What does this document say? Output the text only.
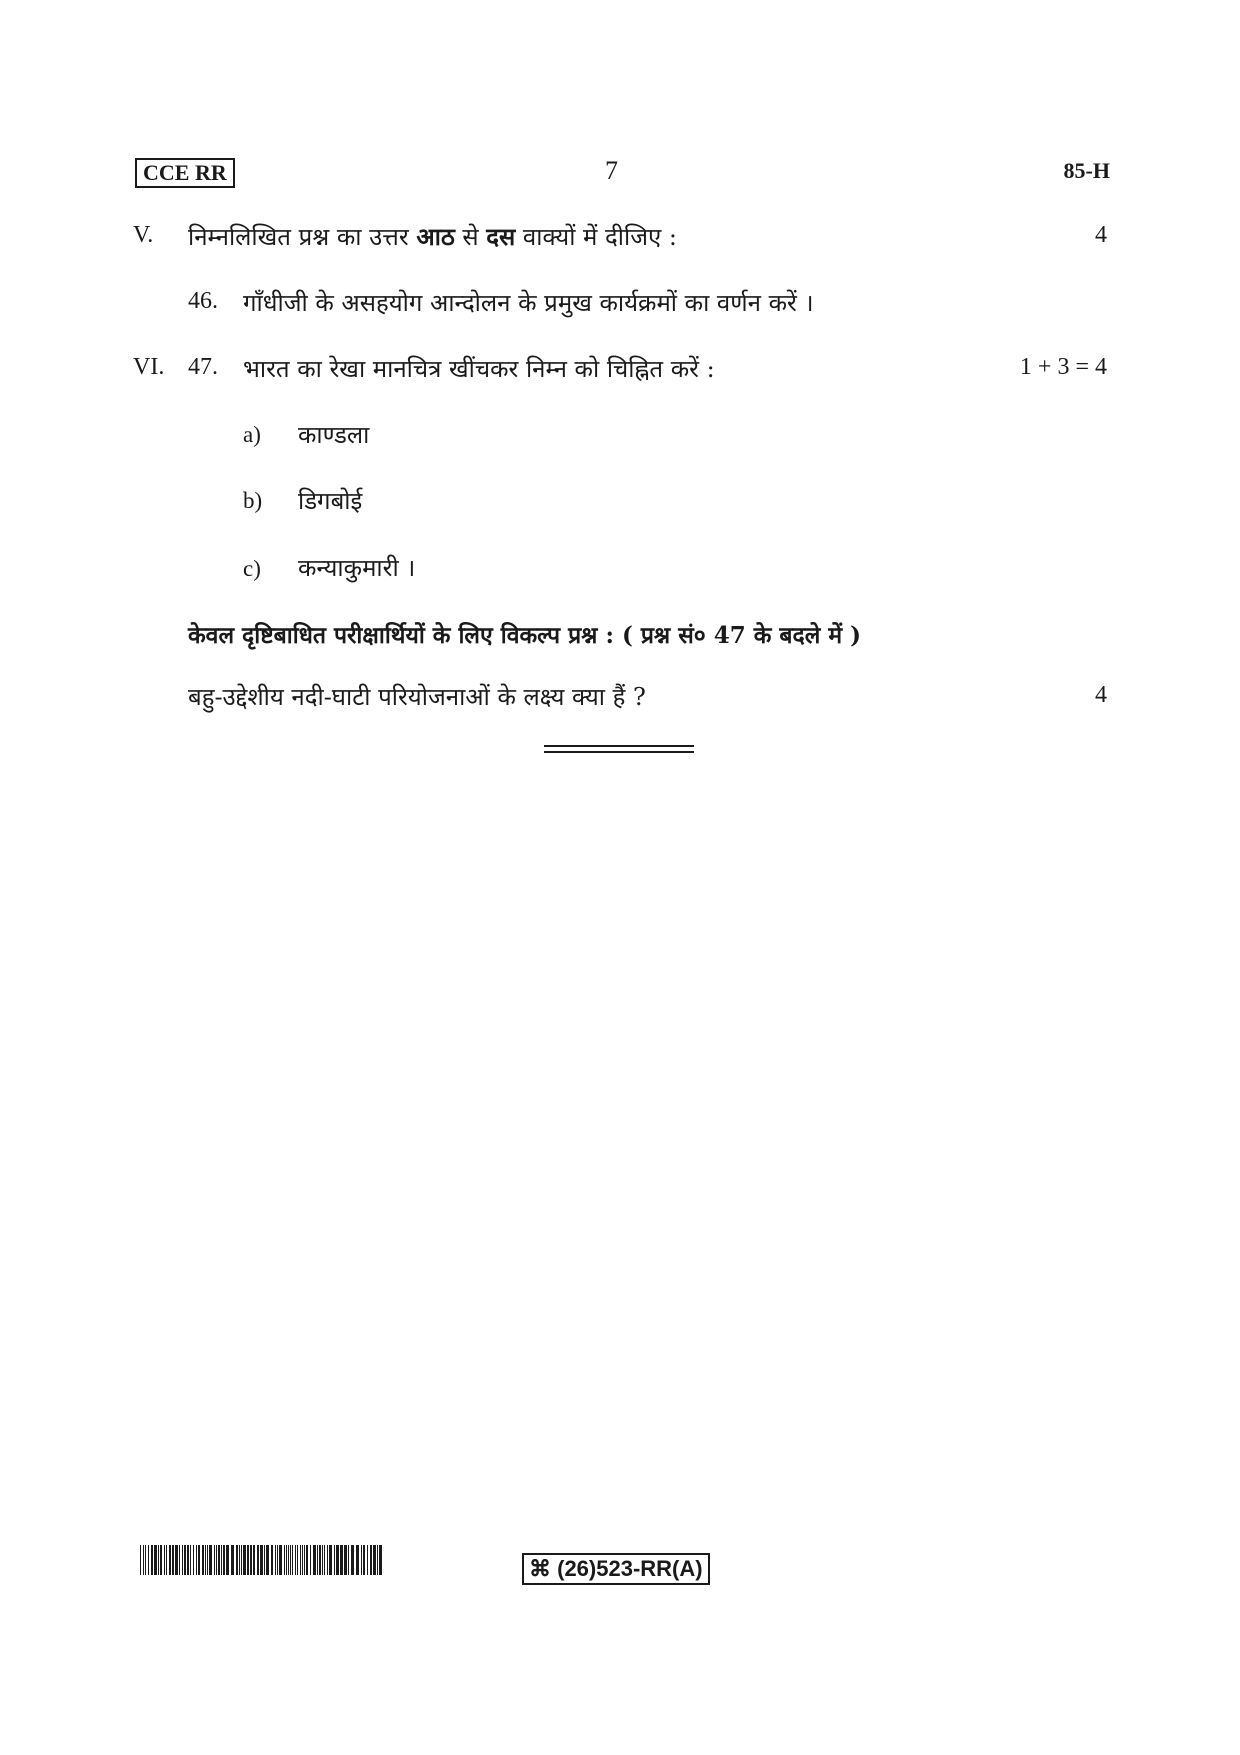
CCE RR	7	85-H
V. निम्नलिखित प्रश्न का उत्तर आठ से दस वाक्यों में दीजिए :	4
46. गाँधीजी के असहयोग आन्दोलन के प्रमुख कार्यक्रमों का वर्णन करें ।
VI. 47. भारत का रेखा मानचित्र खींचकर निम्न को चिह्नित करें :	1 + 3 = 4
a) काण्डला
b) डिगबोई
c) कन्याकुमारी ।
केवल दृष्टिबाधित परीक्षार्थियों के लिए विकल्प प्रश्न : ( प्रश्न सं० 47 के बदले में )
बहु-उद्देशीय नदी-घाटी परियोजनाओं के लक्ष्य क्या हैं ?	4
⌘ (26)523-RR(A)
